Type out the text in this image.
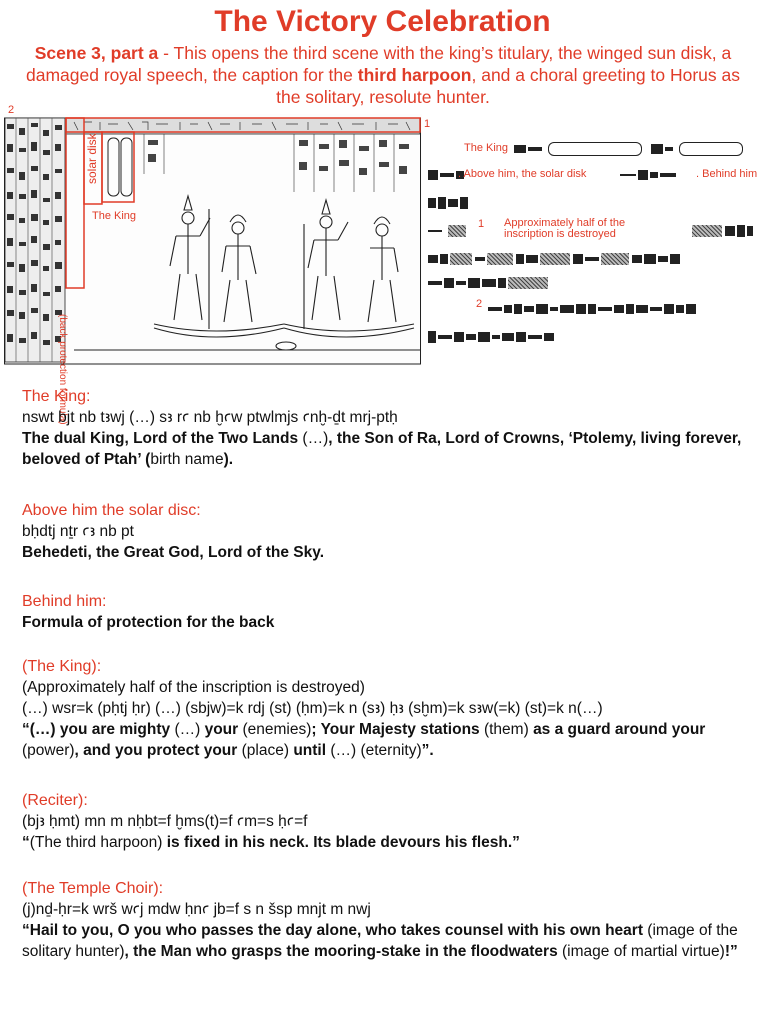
The Victory Celebration
Scene 3, part a - This opens the third scene with the king’s titulary, the winged sun disk, a damaged royal speech, the caption for the third harpoon, and a choral greeting to Horus as the solitary, resolute hunter.
2
1
solar disk
The King
(back protection formula)
The King

. Above him, the solar disk	. Behind him

1 Approximately half of the inscription is destroyed
2
The King:
nswt bjt nb tꜣwj (…) sꜣ rꜥ nb ḫꜥw ptwlmjs ꜥnḫ-ḏt mrj-ptḥ
The dual King, Lord of the Two Lands (…), the Son of Ra, Lord of Crowns, ‘Ptolemy, living forever, beloved of Ptah’ (birth name).
Above him the solar disc:
bḥdtj nṯr ꜥꜣ nb pt
Behedeti, the Great God, Lord of the Sky.
Behind him:
Formula of protection for the back
(The King):
(Approximately half of the inscription is destroyed)
(…) wsr=k (pḥtj ḥr) (…) (sbjw)=k rdj (st) (ḥm)=k n (sꜣ) ḥꜣ (sḫm)=k sꜣw(=k) (st)=k n(…)
“(…) you are mighty (…) your (enemies); Your Majesty stations (them) as a guard around your (power), and you protect your (place) until (…) (eternity)”.
(Reciter):
(bjꜣ ḥmt) mn m nḥbt=f ḫms(t)=f ꜥm=s ḥꜥ=f
“(The third harpoon) is fixed in his neck. Its blade devours his flesh.”
(The Temple Choir):
(j)nḏ-ḥr=k wrš wꜥj mdw ḥnꜥ jb=f s n šsp mnjt m nwj
“Hail to you, O you who passes the day alone, who takes counsel with his own heart (image of the solitary hunter), the Man who grasps the mooring-stake in the floodwaters (image of martial virtue)!”
